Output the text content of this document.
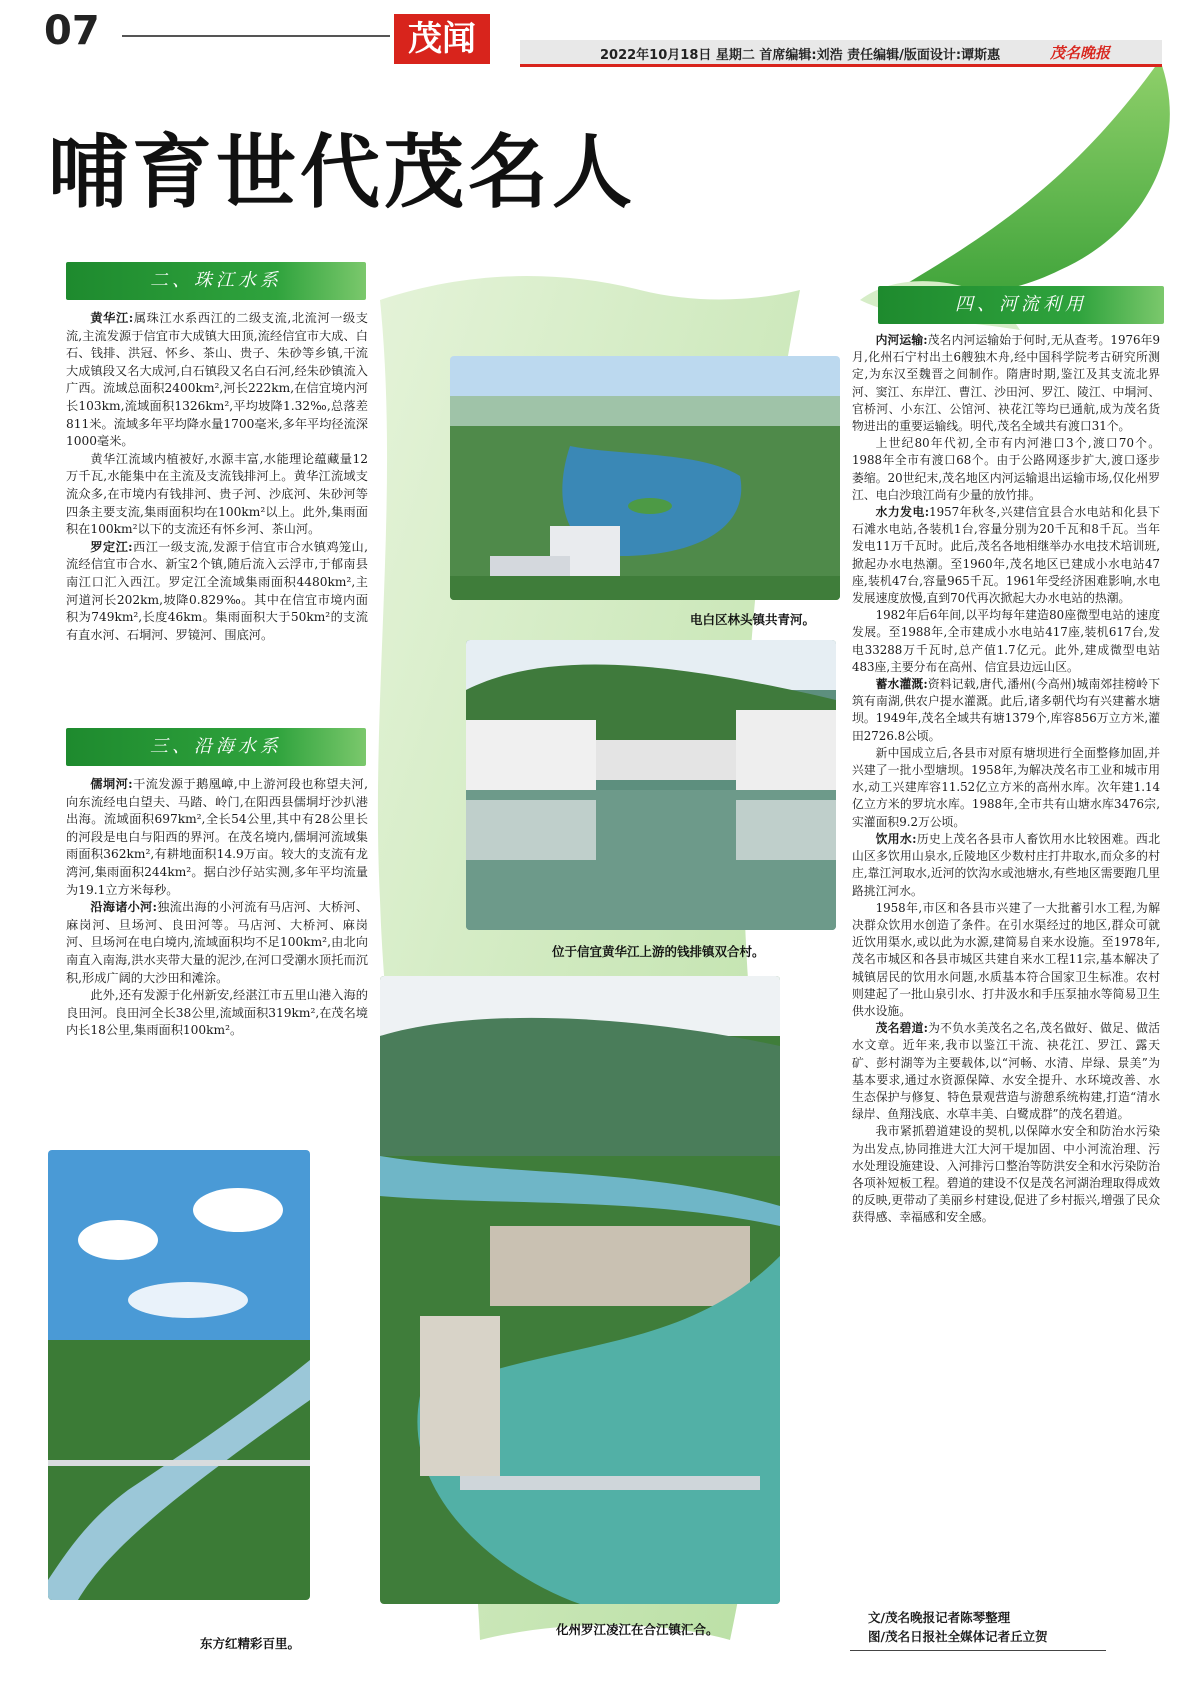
07	茂闻	2022年10月18日 星期二 首席编辑:刘浩 责任编辑/版面设计:谭斯惠	茂名晚报
哺育世代茂名人
二、珠江水系

黄华江:属珠江水系西江的二级支流,北流河一级支流,主流发源于信宜市大成镇大田顶,流经信宜市大成、白石、钱排、洪冠、怀乡、茶山、贵子、朱砂等乡镇,干流大成镇段又名大成河,白石镇段又名白石河,经朱砂镇流入广西。流域总面积2400km²,河长222km,在信宜境内河长103km,流域面积1326km²,平均坡降1.32‰,总落差811米。流域多年平均降水量1700毫米,多年平均径流深1000毫米。

黄华江流域内植被好,水源丰富,水能理论蕴藏量12万千瓦,水能集中在主流及支流钱排河上。黄华江流域支流众多,在市境内有钱排河、贵子河、沙底河、朱砂河等四条主要支流,集雨面积均在100km²以上。此外,集雨面积在100km²以下的支流还有怀乡河、茶山河。

罗定江:西江一级支流,发源于信宜市合水镇鸡笼山,流经信宜市合水、新宝2个镇,随后流入云浮市,于郁南县南江口汇入西江。罗定江全流域集雨面积4480km²,主河道河长202km,坡降0.829‰。其中在信宜市境内面积为749km²,长度46km。集雨面积大于50km²的支流有直水河、石垌河、罗镜河、围底河。

三、沿海水系

儒垌河:干流发源于鹅凰嶂,中上游河段也称望夫河,向东流经电白望夫、马踏、岭门,在阳西县儒垌圩沙扒港出海。流域面积697km²,全长54公里,其中有28公里长的河段是电白与阳西的界河。在茂名境内,儒垌河流域集雨面积362km²,有耕地面积14.9万亩。较大的支流有龙湾河,集雨面积244km²。据白沙仔站实测,多年平均流量为19.1立方米每秒。

沿海诸小河:独流出海的小河流有马店河、大桥河、麻岗河、旦场河、良田河等。马店河、大桥河、麻岗河、旦场河在电白境内,流域面积均不足100km²,由北向南直入南海,洪水夹带大量的泥沙,在河口受潮水顶托而沉积,形成广阔的大沙田和滩涂。

此外,还有发源于化州新安,经湛江市五里山港入海的良田河。良田河全长38公里,流域面积319km²,在茂名境内长18公里,集雨面积100km²。

四、河流利用

内河运输:茂名内河运输始于何时,无从查考。1976年9月,化州石宁村出土6艘独木舟,经中国科学院考古研究所测定,为东汉至魏晋之间制作。隋唐时期,鉴江及其支流北界河、窦江、东岸江、曹江、沙田河、罗江、陵江、中垌河、官桥河、小东江、公馆河、袂花江等均已通航,成为茂名货物进出的重要运输线。明代,茂名全域共有渡口31个。

上世纪80年代初,全市有内河港口3个,渡口70个。1988年全市有渡口68个。由于公路网逐步扩大,渡口逐步萎缩。20世纪末,茂名地区内河运输退出运输市场,仅化州罗江、电白沙琅江尚有少量的放竹排。

水力发电:1957年秋冬,兴建信宜县合水电站和化县下石滩水电站,各装机1台,容量分别为20千瓦和8千瓦。当年发电11万千瓦时。此后,茂名各地相继举办水电技术培训班,掀起办水电热潮。至1960年,茂名地区已建成小水电站47座,装机47台,容量965千瓦。1961年受经济困难影响,水电发展速度放慢,直到70代再次掀起大办水电站的热潮。

1982年后6年间,以平均每年建造80座微型电站的速度发展。至1988年,全市建成小水电站417座,装机617台,发电33288万千瓦时,总产值1.7亿元。此外,建成微型电站483座,主要分布在高州、信宜县边远山区。

蓄水灌溉:资料记载,唐代,潘州(今高州)城南郊挂榜岭下筑有南湖,供农户提水灌溉。此后,诸多朝代均有兴建蓄水塘坝。1949年,茂名全域共有塘1379个,库容856万立方米,灌田2726.8公顷。

新中国成立后,各县市对原有塘坝进行全面整修加固,并兴建了一批小型塘坝。1958年,为解决茂名市工业和城市用水,动工兴建库容11.52亿立方米的高州水库。次年建1.14亿立方米的罗坑水库。1988年,全市共有山塘水库3476宗,实灌面积9.2万公顷。

饮用水:历史上茂名各县市人畜饮用水比较困难。西北山区多饮用山泉水,丘陵地区少数村庄打井取水,而众多的村庄,靠江河取水,近河的饮沟水或池塘水,有些地区需要跑几里路挑江河水。

1958年,市区和各县市兴建了一大批蓄引水工程,为解决群众饮用水创造了条件。在引水渠经过的地区,群众可就近饮用渠水,或以此为水源,建简易自来水设施。至1978年,茂名市城区和各县市城区共建自来水工程11宗,基本解决了城镇居民的饮用水问题,水质基本符合国家卫生标准。农村则建起了一批山泉引水、打井汲水和手压泵抽水等简易卫生供水设施。

茂名碧道:为不负水美茂名之名,茂名做好、做足、做活水文章。近年来,我市以鉴江干流、袂花江、罗江、露天矿、彭村湖等为主要载体,以“河畅、水清、岸绿、景美”为基本要求,通过水资源保障、水安全提升、水环境改善、水生态保护与修复、特色景观营造与游憩系统构建,打造“清水绿岸、鱼翔浅底、水草丰美、白鹭成群”的茂名碧道。

我市紧抓碧道建设的契机,以保障水安全和防治水污染为出发点,协同推进大江大河干堤加固、中小河流治理、污水处理设施建设、入河排污口整治等防洪安全和水污染防治各项补短板工程。碧道的建设不仅是茂名河湖治理取得成效的反映,更带动了美丽乡村建设,促进了乡村振兴,增强了民众获得感、幸福感和安全感。

电白区林头镇共青河。
位于信宜黄华江上游的钱排镇双合村。
化州罗江凌江在合江镇汇合。
东方红精彩百里。
文/茂名晚报记者陈琴整理
图/茂名日报社全媒体记者丘立贺
